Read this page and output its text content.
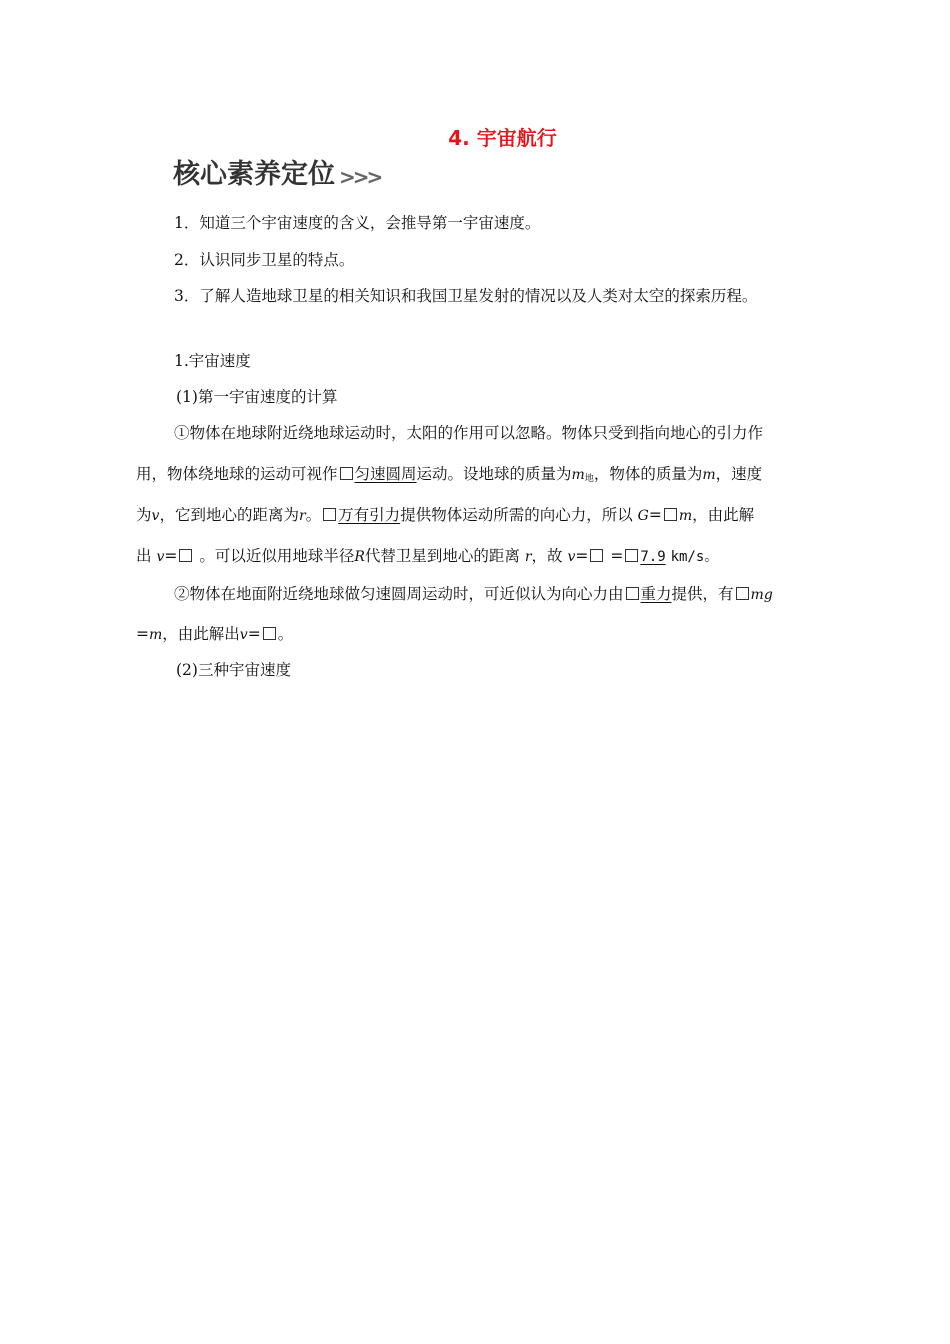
4. 宇宙航行
核心素养定位 >>>
1．知道三个宇宙速度的含义，会推导第一宇宙速度。
2．认识同步卫星的特点。
3．了解人造地球卫星的相关知识和我国卫星发射的情况以及人类对太空的探索历程。
1.宇宙速度
(1)第一宇宙速度的计算
①物体在地球附近绕地球运动时，太阳的作用可以忽略。物体只受到指向地心的引力作
用，物体绕地球的运动可视作 匀速圆周运动。设地球的质量为$m_地$，物体的质量为m，速度
为v，它到地心的距离为r。 万有引力提供物体运动所需的向心力，所以 G= m，由此解
出 v= 。可以近似用地球半径R代替卫星到地心的距离 r，故 v= = 7.9 km/s。
②物体在地面附近绕地球做匀速圆周运动时，可近似认为向心力由 重力提供，有 mg
=m，由此解出v= 。
(2)三种宇宙速度
